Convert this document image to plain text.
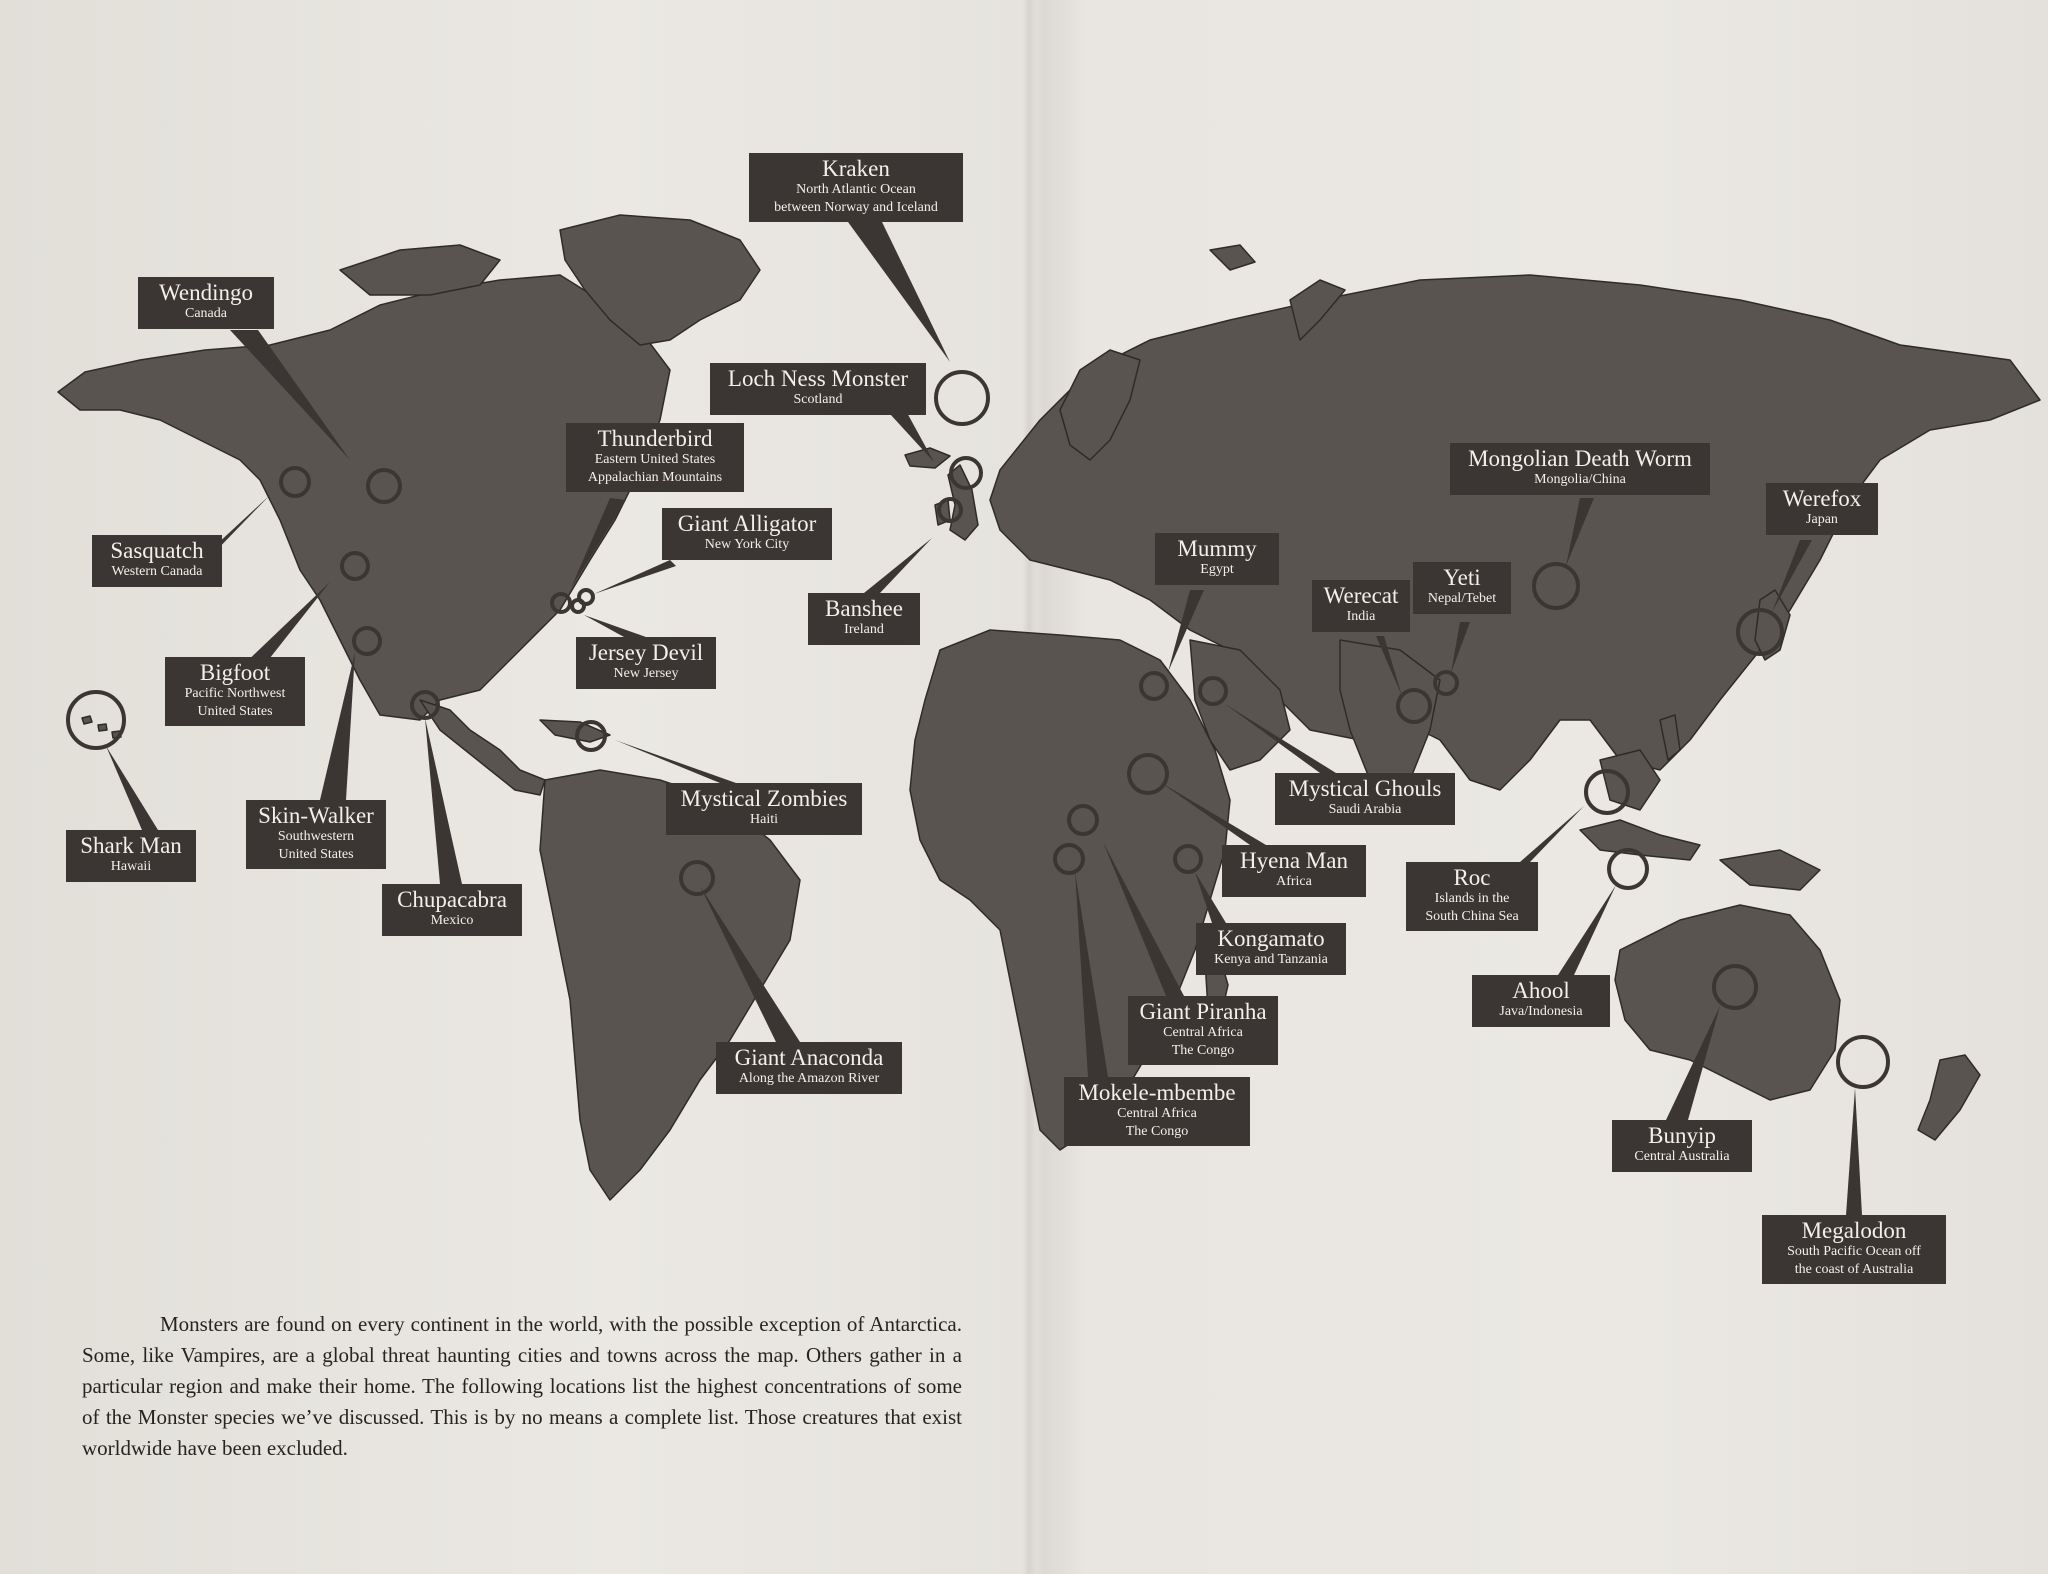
Kraken
North Atlantic Ocean
between Norway and Iceland
Wendingo
Canada
Loch Ness Monster
Scotland
Thunderbird
Eastern United States
Appalachian Mountains
Giant Alligator
New York City
Sasquatch
Western Canada
Banshee
Ireland
Jersey Devil
New Jersey
Bigfoot
Pacific Northwest
United States
Shark Man
Hawaii
Skin-Walker
Southwestern
United States
Mystical Zombies
Haiti
Chupacabra
Mexico
Giant Anaconda
Along the Amazon River
Mummy
Egypt
Mongolian Death Worm
Mongolia/China
Werefox
Japan
Werecat
India
Yeti
Nepal/Tebet
Mystical Ghouls
Saudi Arabia
Hyena Man
Africa	Roc
Islands in the
South China Sea
Kongamato
Kenya and Tanzania
Giant Piranha
Central Africa
The Congo
Ahool
Java/Indonesia
Mokele-mbembe
Central Africa
The Congo	Bunyip
Central Australia
Megalodon
South Pacific Ocean off
the coast of Australia

Monsters are found on every continent in the world, with the possible exception of Antarctica. Some, like Vampires, are a global threat haunting cities and towns across the map. Others gather in a particular region and make their home. The following locations list the highest concentrations of some of the Monster species we’ve discussed. This is by no means a complete list. Those creatures that exist worldwide have been excluded.
